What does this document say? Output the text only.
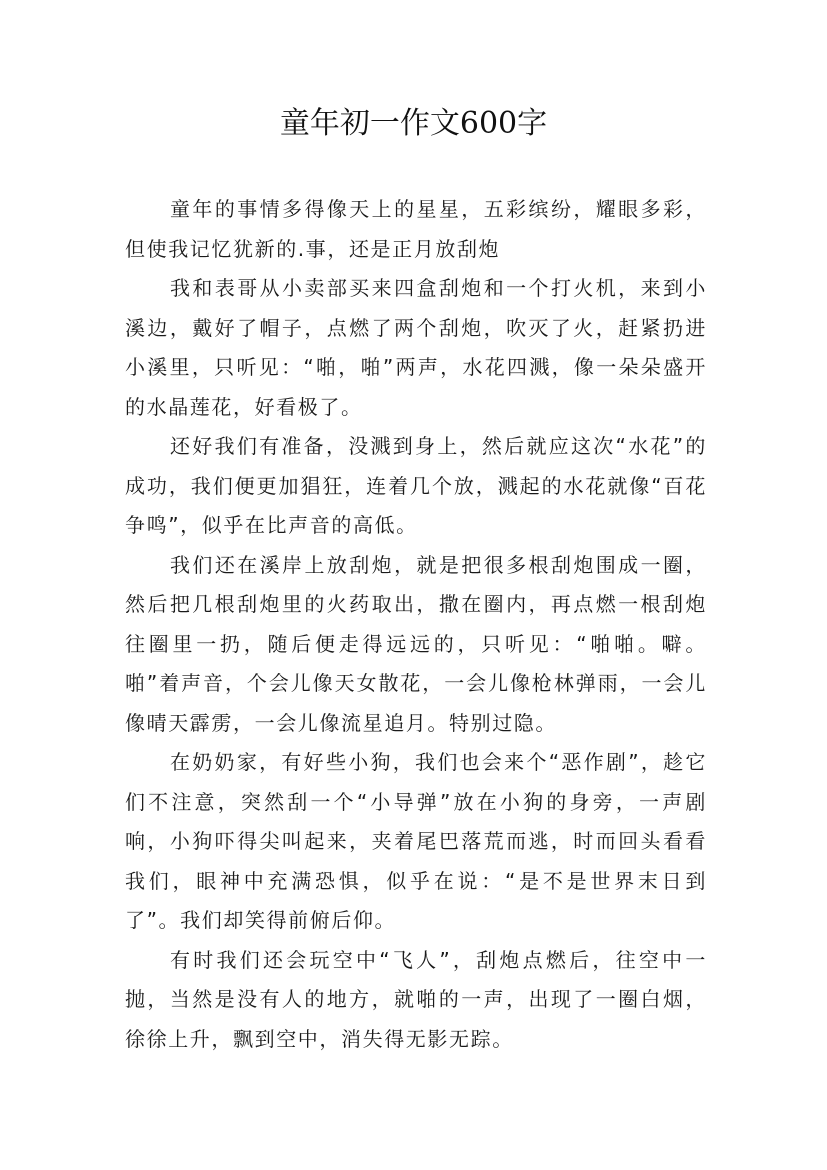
童年初一作文600字

童年的事情多得像天上的星星，五彩缤纷，耀眼多彩，但使我记忆犹新的.事，还是正月放刮炮

我和表哥从小卖部买来四盒刮炮和一个打火机，来到小溪边，戴好了帽子，点燃了两个刮炮，吹灭了火，赶紧扔进小溪里，只听见：“啪，啪”两声，水花四溅，像一朵朵盛开的水晶莲花，好看极了。

还好我们有准备，没溅到身上，然后就应这次“水花”的成功，我们便更加猖狂，连着几个放，溅起的水花就像“百花争鸣”，似乎在比声音的高低。

我们还在溪岸上放刮炮，就是把很多根刮炮围成一圈，然后把几根刮炮里的火药取出，撒在圈内，再点燃一根刮炮往圈里一扔，随后便走得远远的，只听见：“啪啪。噼。啪”着声音，个会儿像天女散花，一会儿像枪林弹雨，一会儿像晴天霹雳，一会儿像流星追月。特别过隐。

在奶奶家，有好些小狗，我们也会来个“恶作剧”，趁它们不注意，突然刮一个“小导弹”放在小狗的身旁，一声剧响，小狗吓得尖叫起来，夹着尾巴落荒而逃，时而回头看看我们，眼神中充满恐惧，似乎在说：“是不是世界末日到了”。我们却笑得前俯后仰。

有时我们还会玩空中“飞人”，刮炮点燃后，往空中一抛，当然是没有人的地方，就啪的一声，出现了一圈白烟，徐徐上升，飘到空中，消失得无影无踪。
